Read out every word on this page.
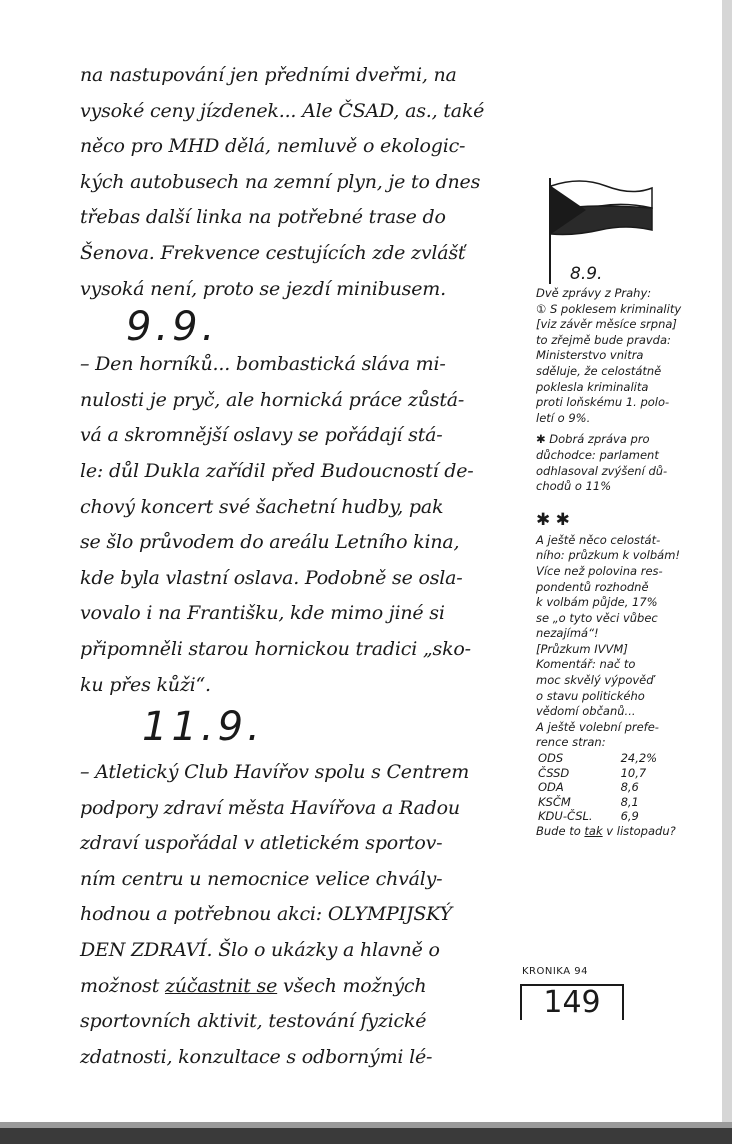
na nastupování jen předními dveřmi, na
vysoké ceny jízdenek... Ale ČSAD, as., také
něco pro MHD dělá, nemluvě o ekologic-
kých autobusech na zemní plyn, je to dnes
třebas další linka na potřebné trase do
Šenova. Frekvence cestujících zde zvlášť
vysoká není, proto se jezdí minibusem.
9.9.
– Den horníků... bombastická sláva mi-
nulosti je pryč, ale hornická práce zůstá-
vá a skromnější oslavy se pořádají stá-
le: důl Dukla zařídil před Budoucností de-
chový koncert své šachetní hudby, pak
se šlo průvodem do areálu Letního kina,
kde byla vlastní oslava. Podobně se osla-
vovalo i na Františku, kde mimo jiné si
připomněli starou hornickou tradici „sko-
ku přes kůži“.
11.9.
– Atletický Club Havířov spolu s Centrem
podpory zdraví města Havířova a Radou
zdraví uspořádal v atletickém sportov-
ním centru u nemocnice velice chvály-
hodnou a potřebnou akci: OLYMPIJSKÝ
DEN ZDRAVÍ. Šlo o ukázky a hlavně o
možnost zúčastnit se všech možných
sportovních aktivit, testování fyzické
zdatnosti, konzultace s odbornými lé-
8.9.
Dvě zprávy z Prahy:
① S poklesem kriminality
[viz závěr měsíce srpna]
to zřejmě bude pravda:
Ministerstvo vnitra
sděluje, že celostátně
poklesla kriminalita
proti loňskému 1. polo-
letí o 9%.
✱ Dobrá zpráva pro
důchodce: parlament
odhlasoval zvýšení dů-
chodů o 11%
✱ ✱
A ještě něco celostát-
ního: průzkum k volbám!
Více než polovina res-
pondentů rozhodně
k volbám půjde, 17%
se „o tyto věci vůbec
nezajímá“!
[Průzkum IVVM]
Komentář: nač to
moc skvělý výpověď
o stavu politického
vědomí občanů...
A ještě volební prefe-
rence stran:
ODS	24,2%
ČSSD	10,7
ODA	8,6
KSČM	8,1
KDU-ČSL.	6,9
Bude to tak v listopadu?
KRONIKA 94
149
